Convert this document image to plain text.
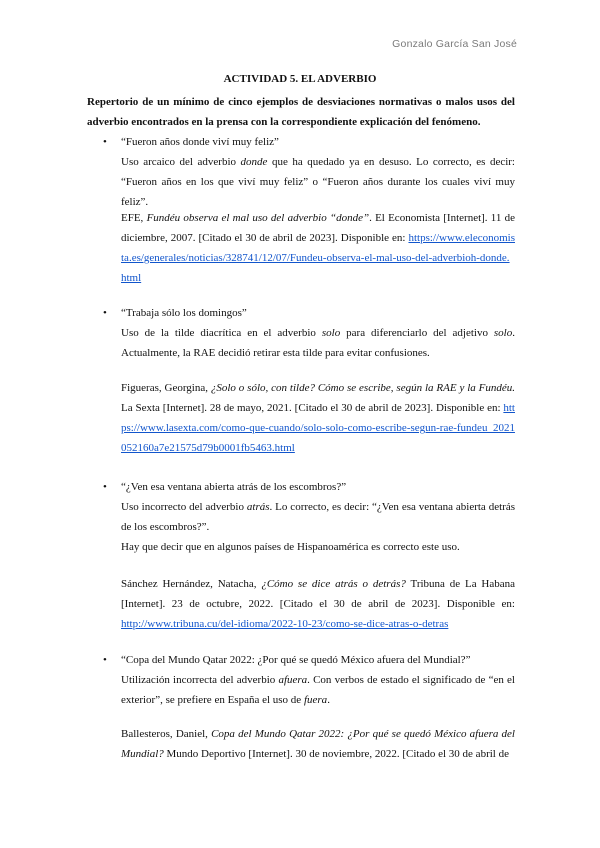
Gonzalo García San José
ACTIVIDAD 5. EL ADVERBIO
Repertorio de un mínimo de cinco ejemplos de desviaciones normativas o malos usos del adverbio encontrados en la prensa con la correspondiente explicación del fenómeno.
• “Fueron años donde viví muy feliz”
Uso arcaico del adverbio donde que ha quedado ya en desuso. Lo correcto, es decir: “Fueron años en los que viví muy feliz” o “Fueron años durante los cuales viví muy feliz”.
EFE, Fundéu observa el mal uso del adverbio “donde”. El Economista [Internet]. 11 de diciembre, 2007. [Citado el 30 de abril de 2023]. Disponible en: https://www.eleconomista.es/generales/noticias/328741/12/07/Fundeu-observa-el-mal-uso-del-adverbioh-donde.html
• “Trabaja sólo los domingos”
Uso de la tilde diacrítica en el adverbio solo para diferenciarlo del adjetivo solo. Actualmente, la RAE decidió retirar esta tilde para evitar confusiones.
Figueras, Georgina, ¿Solo o sólo, con tilde? Cómo se escribe, según la RAE y la Fundéu. La Sexta [Internet]. 28 de mayo, 2021. [Citado el 30 de abril de 2023]. Disponible en: https://www.lasexta.com/como-que-cuando/solo-solo-como-escribe-segun-rae-fundeu_2021052160a7e21575d79b0001fb5463.html
• “¿Ven esa ventana abierta atrás de los escombros?”
Uso incorrecto del adverbio atrás. Lo correcto, es decir: “¿Ven esa ventana abierta detrás de los escombros?”.
Hay que decir que en algunos países de Hispanoamérica es correcto este uso.
Sánchez Hernández, Natacha, ¿Cómo se dice atrás o detrás? Tribuna de La Habana [Internet]. 23 de octubre, 2022. [Citado el 30 de abril de 2023]. Disponible en: http://www.tribuna.cu/del-idioma/2022-10-23/como-se-dice-atras-o-detras
• “Copa del Mundo Qatar 2022: ¿Por qué se quedó México afuera del Mundial?”
Utilización incorrecta del adverbio afuera. Con verbos de estado el significado de “en el exterior”, se prefiere en España el uso de fuera.
Ballesteros, Daniel, Copa del Mundo Qatar 2022: ¿Por qué se quedó México afuera del Mundial? Mundo Deportivo [Internet]. 30 de noviembre, 2022. [Citado el 30 de abril de
